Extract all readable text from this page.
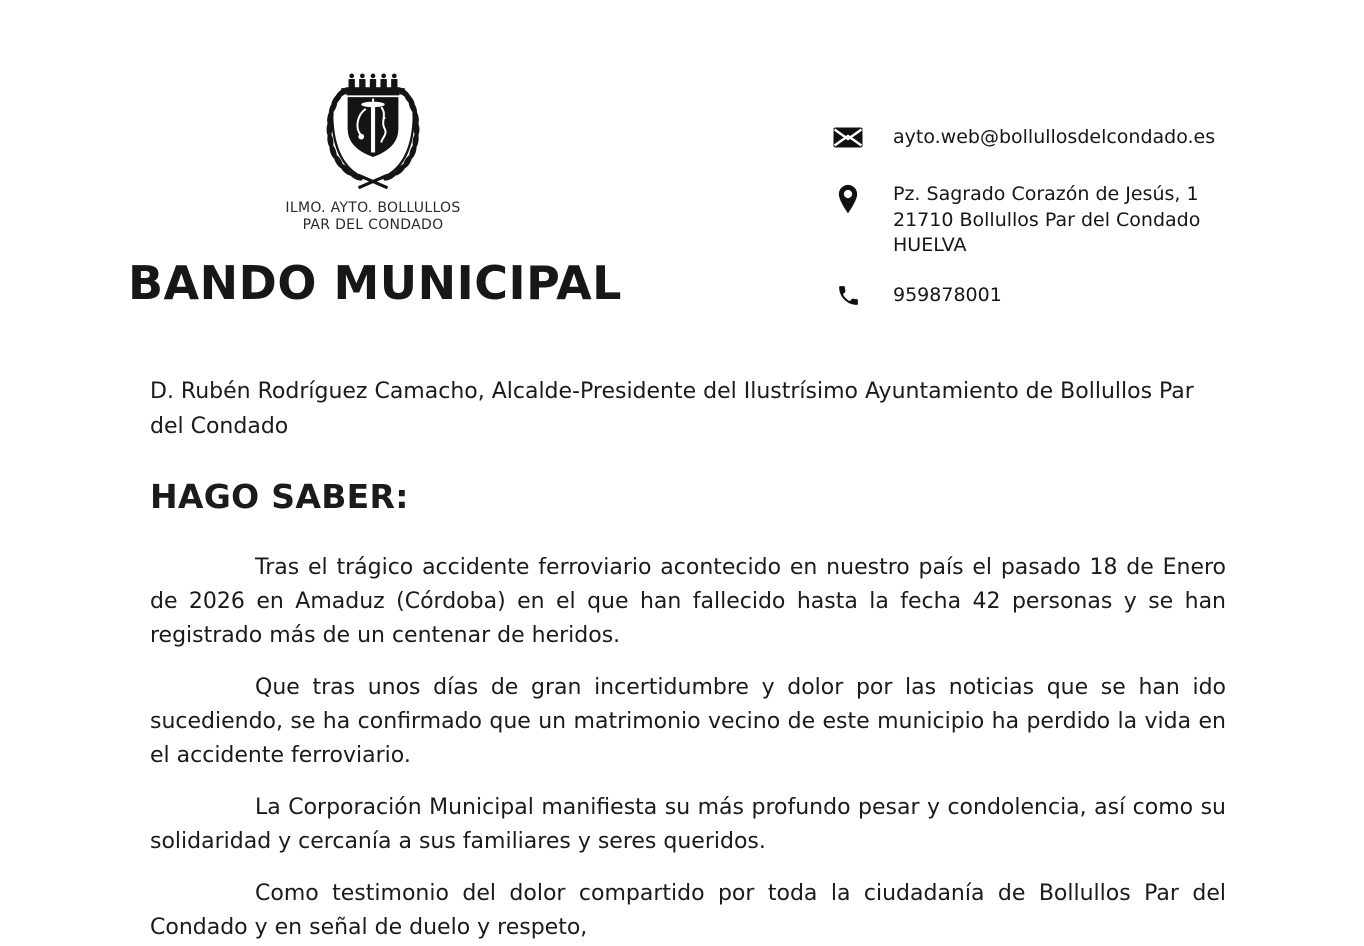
ILMO. AYTO. BOLLULLOS
PAR DEL CONDADO
BANDO MUNICIPAL
ayto.web@bollullosdelcondado.es
Pz. Sagrado Corazón de Jesús, 1
21710 Bollullos Par del Condado
HUELVA
959878001

D. Rubén Rodríguez Camacho, Alcalde-Presidente del Ilustrísimo Ayuntamiento de Bollullos Par del Condado

HAGO SABER:

Tras el trágico accidente ferroviario acontecido en nuestro país el pasado 18 de Enero de 2026 en Amaduz (Córdoba) en el que han fallecido hasta la fecha 42 personas y se han registrado más de un centenar de heridos.

Que tras unos días de gran incertidumbre y dolor por las noticias que se han ido sucediendo, se ha confirmado que un matrimonio vecino de este municipio ha perdido la vida en el accidente ferroviario.

La Corporación Municipal manifiesta su más profundo pesar y condolencia, así como su solidaridad y cercanía a sus familiares y seres queridos.

Como testimonio del dolor compartido por toda la ciudadanía de Bollullos Par del Condado y en señal de duelo y respeto,
